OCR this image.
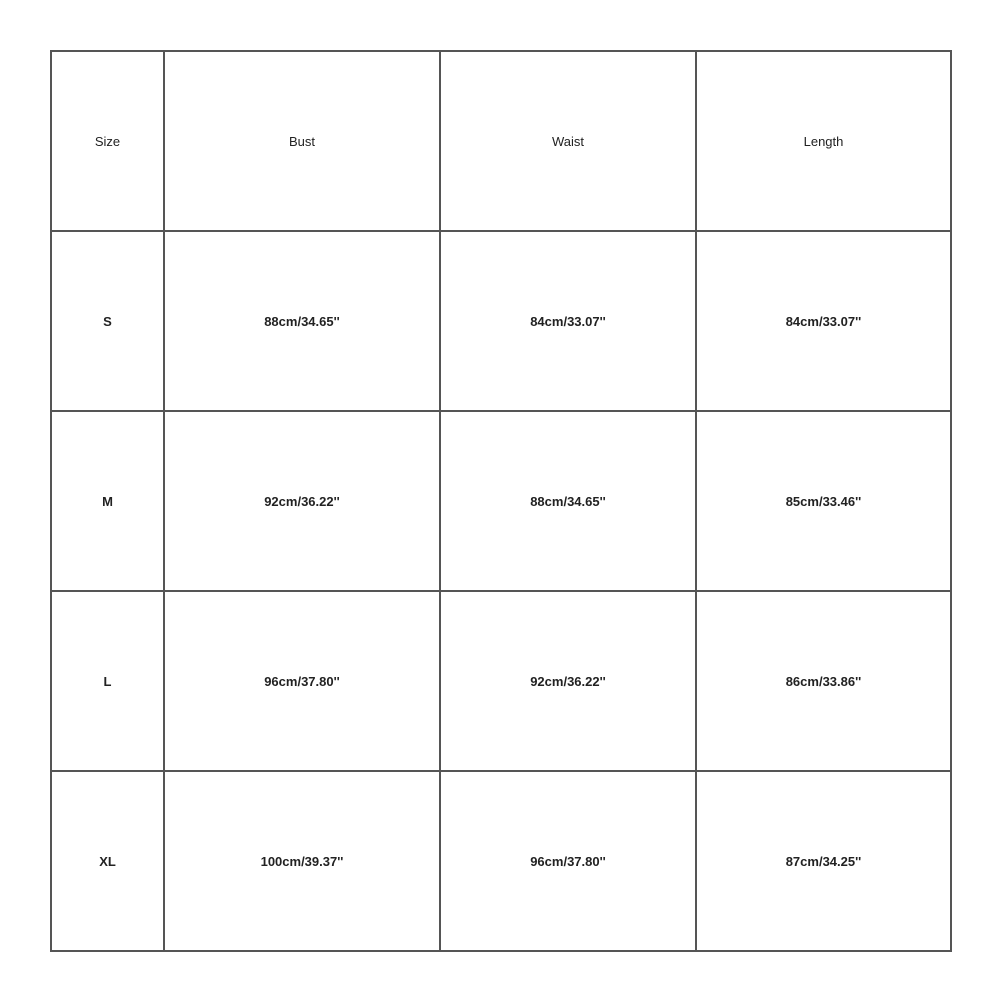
Size	Bust	Waist	Length
S	88cm/34.65''	84cm/33.07''	84cm/33.07''
M	92cm/36.22''	88cm/34.65''	85cm/33.46''
L	96cm/37.80''	92cm/36.22''	86cm/33.86''
XL	100cm/39.37''	96cm/37.80''	87cm/34.25''
